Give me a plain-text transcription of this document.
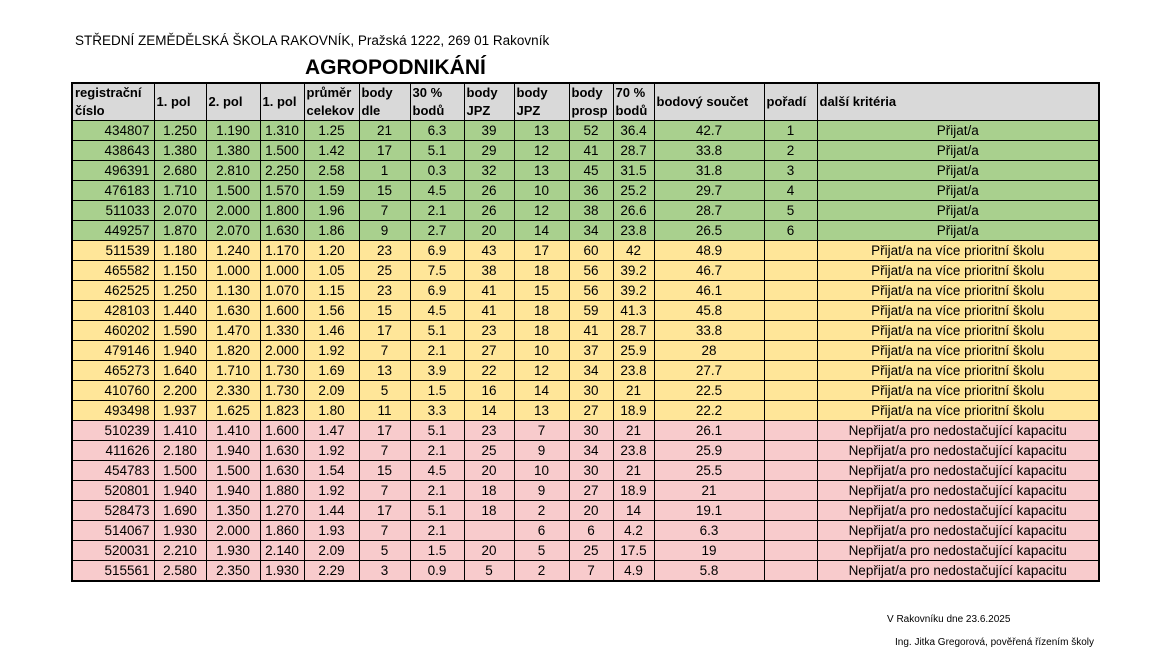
STŘEDNÍ ZEMĚDĚLSKÁ ŠKOLA RAKOVNÍK, Pražská 1222, 269 01 Rakovník
AGROPODNIKÁNÍ
registrační číslo	1. pol	2. pol	1. pol	průměr celekov	body dle	30 % bodů	body JPZ	body JPZ	body prosp	70 % bodů	bodový součet	pořadí	další kritéria
434807	1.250	1.190	1.310	1.25	21	6.3	39	13	52	36.4	42.7	1	Přijat/a
438643	1.380	1.380	1.500	1.42	17	5.1	29	12	41	28.7	33.8	2	Přijat/a
496391	2.680	2.810	2.250	2.58	1	0.3	32	13	45	31.5	31.8	3	Přijat/a
476183	1.710	1.500	1.570	1.59	15	4.5	26	10	36	25.2	29.7	4	Přijat/a
511033	2.070	2.000	1.800	1.96	7	2.1	26	12	38	26.6	28.7	5	Přijat/a
449257	1.870	2.070	1.630	1.86	9	2.7	20	14	34	23.8	26.5	6	Přijat/a
511539	1.180	1.240	1.170	1.20	23	6.9	43	17	60	42	48.9		Přijat/a na více prioritní školu
465582	1.150	1.000	1.000	1.05	25	7.5	38	18	56	39.2	46.7		Přijat/a na více prioritní školu
462525	1.250	1.130	1.070	1.15	23	6.9	41	15	56	39.2	46.1		Přijat/a na více prioritní školu
428103	1.440	1.630	1.600	1.56	15	4.5	41	18	59	41.3	45.8		Přijat/a na více prioritní školu
460202	1.590	1.470	1.330	1.46	17	5.1	23	18	41	28.7	33.8		Přijat/a na více prioritní školu
479146	1.940	1.820	2.000	1.92	7	2.1	27	10	37	25.9	28		Přijat/a na více prioritní školu
465273	1.640	1.710	1.730	1.69	13	3.9	22	12	34	23.8	27.7		Přijat/a na více prioritní školu
410760	2.200	2.330	1.730	2.09	5	1.5	16	14	30	21	22.5		Přijat/a na více prioritní školu
493498	1.937	1.625	1.823	1.80	11	3.3	14	13	27	18.9	22.2		Přijat/a na více prioritní školu
510239	1.410	1.410	1.600	1.47	17	5.1	23	7	30	21	26.1		Nepřijat/a pro nedostačující kapacitu
411626	2.180	1.940	1.630	1.92	7	2.1	25	9	34	23.8	25.9		Nepřijat/a pro nedostačující kapacitu
454783	1.500	1.500	1.630	1.54	15	4.5	20	10	30	21	25.5		Nepřijat/a pro nedostačující kapacitu
520801	1.940	1.940	1.880	1.92	7	2.1	18	9	27	18.9	21		Nepřijat/a pro nedostačující kapacitu
528473	1.690	1.350	1.270	1.44	17	5.1	18	2	20	14	19.1		Nepřijat/a pro nedostačující kapacitu
514067	1.930	2.000	1.860	1.93	7	2.1		6	6	4.2	6.3		Nepřijat/a pro nedostačující kapacitu
520031	2.210	1.930	2.140	2.09	5	1.5	20	5	25	17.5	19		Nepřijat/a pro nedostačující kapacitu
515561	2.580	2.350	1.930	2.29	3	0.9	5	2	7	4.9	5.8		Nepřijat/a pro nedostačující kapacitu
V Rakovníku dne 23.6.2025
Ing. Jitka Gregorová, pověřená řízením školy
